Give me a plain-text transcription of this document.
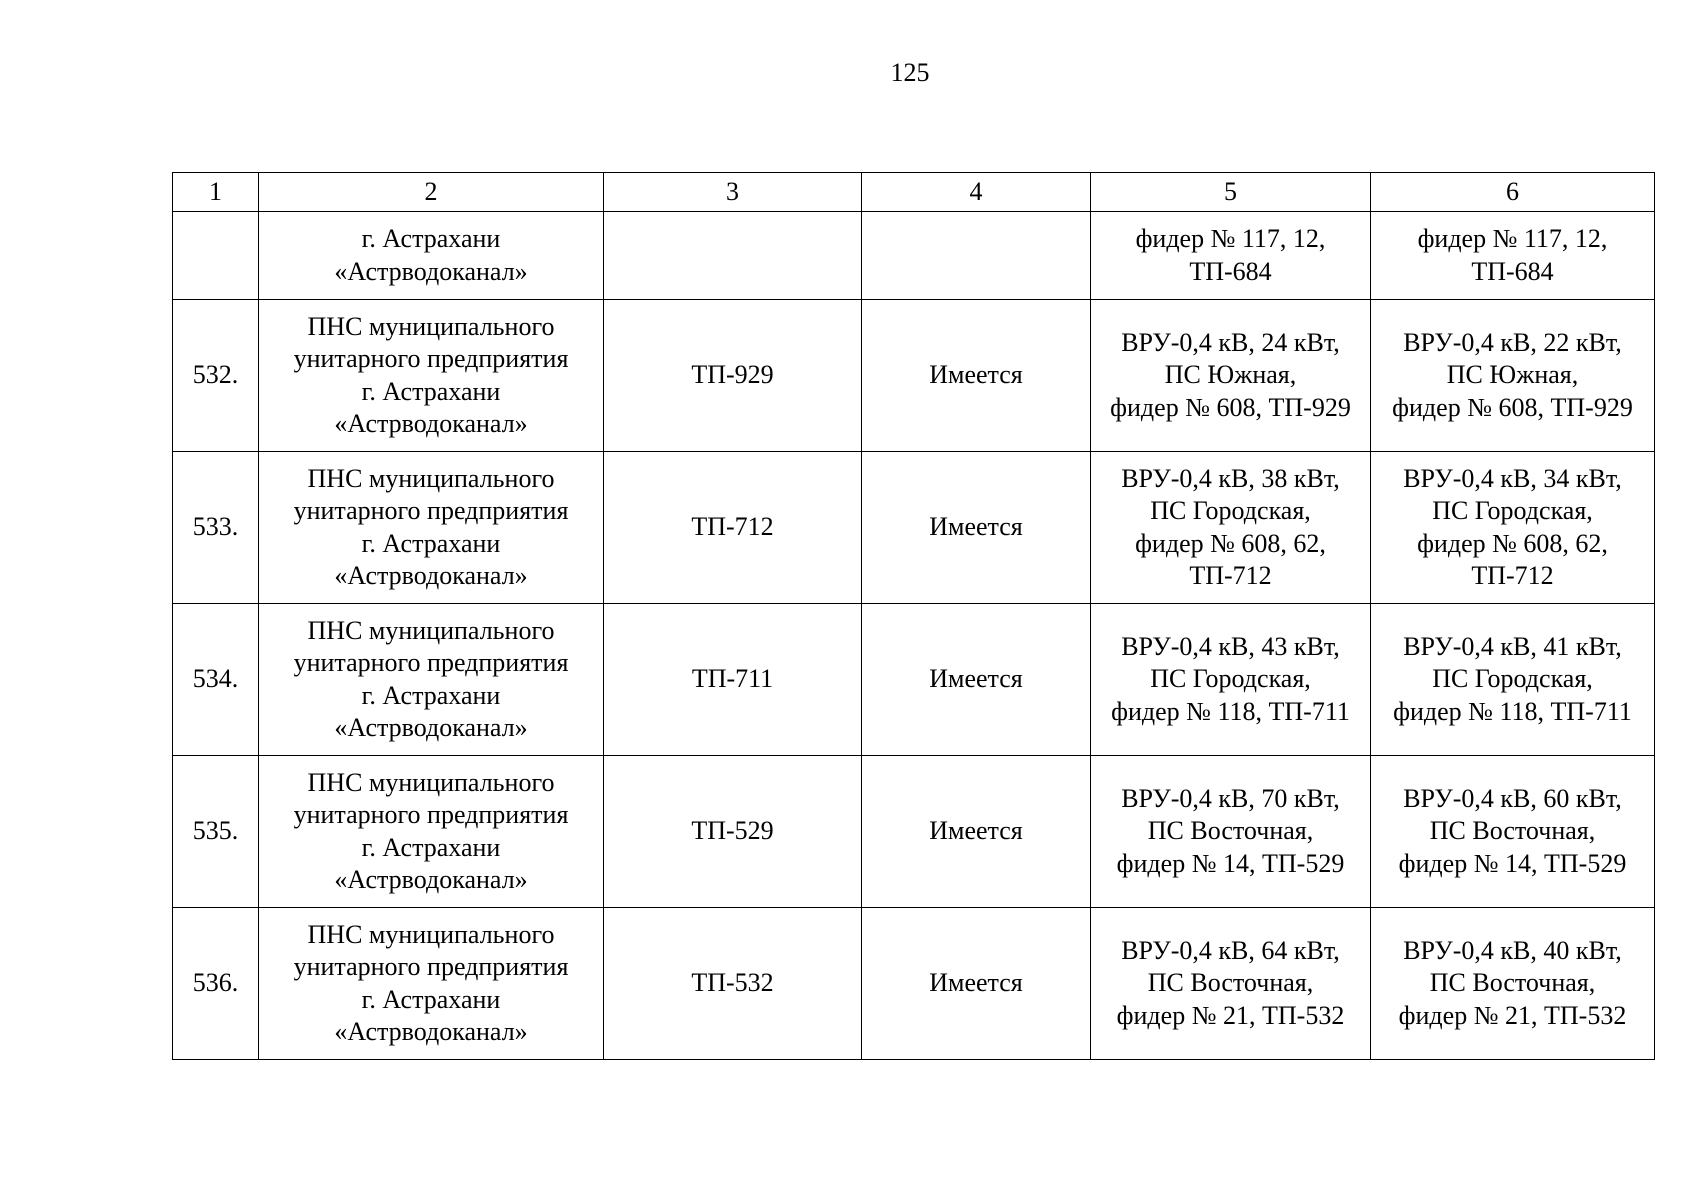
125
1	2	3	4	5	6
	г. Астрахани
«Астрводоканал»			фидер № 117, 12,
ТП-684	фидер № 117, 12,
ТП-684
532.	ПНС муниципального
унитарного предприятия
г. Астрахани
«Астрводоканал»	ТП-929	Имеется	ВРУ-0,4 кВ, 24 кВт,
ПС Южная,
фидер № 608, ТП-929	ВРУ-0,4 кВ, 22 кВт,
ПС Южная,
фидер № 608, ТП-929
533.	ПНС муниципального
унитарного предприятия
г. Астрахани
«Астрводоканал»	ТП-712	Имеется	ВРУ-0,4 кВ, 38 кВт,
ПС Городская,
фидер № 608, 62,
ТП-712	ВРУ-0,4 кВ, 34 кВт,
ПС Городская,
фидер № 608, 62,
ТП-712
534.	ПНС муниципального
унитарного предприятия
г. Астрахани
«Астрводоканал»	ТП-711	Имеется	ВРУ-0,4 кВ, 43 кВт,
ПС Городская,
фидер № 118, ТП-711	ВРУ-0,4 кВ, 41 кВт,
ПС Городская,
фидер № 118, ТП-711
535.	ПНС муниципального
унитарного предприятия
г. Астрахани
«Астрводоканал»	ТП-529	Имеется	ВРУ-0,4 кВ, 70 кВт,
ПС Восточная,
фидер № 14, ТП-529	ВРУ-0,4 кВ, 60 кВт,
ПС Восточная,
фидер № 14, ТП-529
536.	ПНС муниципального
унитарного предприятия
г. Астрахани
«Астрводоканал»	ТП-532	Имеется	ВРУ-0,4 кВ, 64 кВт,
ПС Восточная,
фидер № 21, ТП-532	ВРУ-0,4 кВ, 40 кВт,
ПС Восточная,
фидер № 21, ТП-532
